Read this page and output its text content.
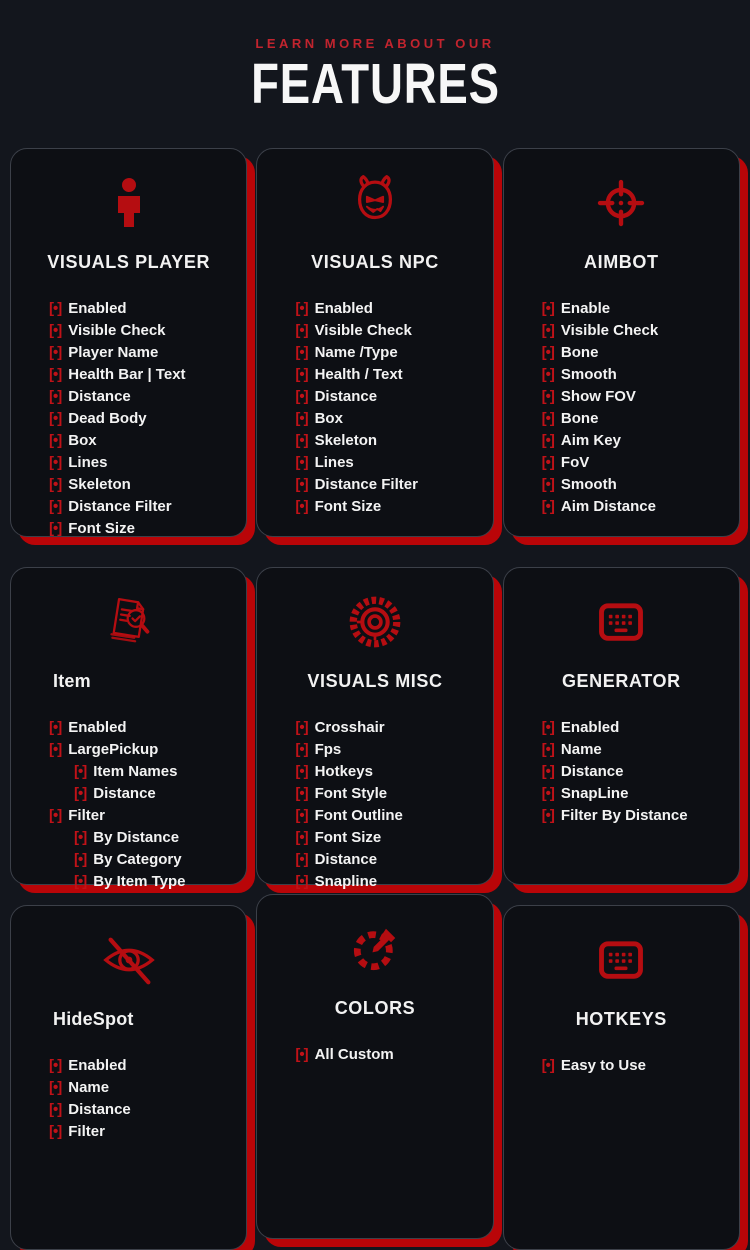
LEARN MORE ABOUT OUR
FEATURES
VISUALS PLAYER
[•] Enabled
[•] Visible Check
[•] Player Name
[•] Health Bar | Text
[•] Distance
[•] Dead Body
[•] Box
[•] Lines
[•] Skeleton
[•] Distance Filter
[•] Font Size
VISUALS NPC
[•] Enabled
[•] Visible Check
[•] Name /Type
[•] Health / Text
[•] Distance
[•] Box
[•] Skeleton
[•] Lines
[•] Distance Filter
[•] Font Size
AIMBOT
[•] Enable
[•] Visible Check
[•] Bone
[•] Smooth
[•] Show FOV
[•] Bone
[•] Aim Key
[•] FoV
[•] Smooth
[•] Aim Distance
Item
[•] Enabled
[•] LargePickup
[•] Item Names
[•] Distance
[•] Filter
[•] By Distance
[•] By Category
[•] By Item Type
VISUALS MISC
[•] Crosshair
[•] Fps
[•] Hotkeys
[•] Font Style
[•] Font Outline
[•] Font Size
[•] Distance
[•] Snapline
GENERATOR
[•] Enabled
[•] Name
[•] Distance
[•] SnapLine
[•] Filter By Distance
HideSpot
[•] Enabled
[•] Name
[•] Distance
[•] Filter
COLORS
[•] All Custom
HOTKEYS
[•] Easy to Use
